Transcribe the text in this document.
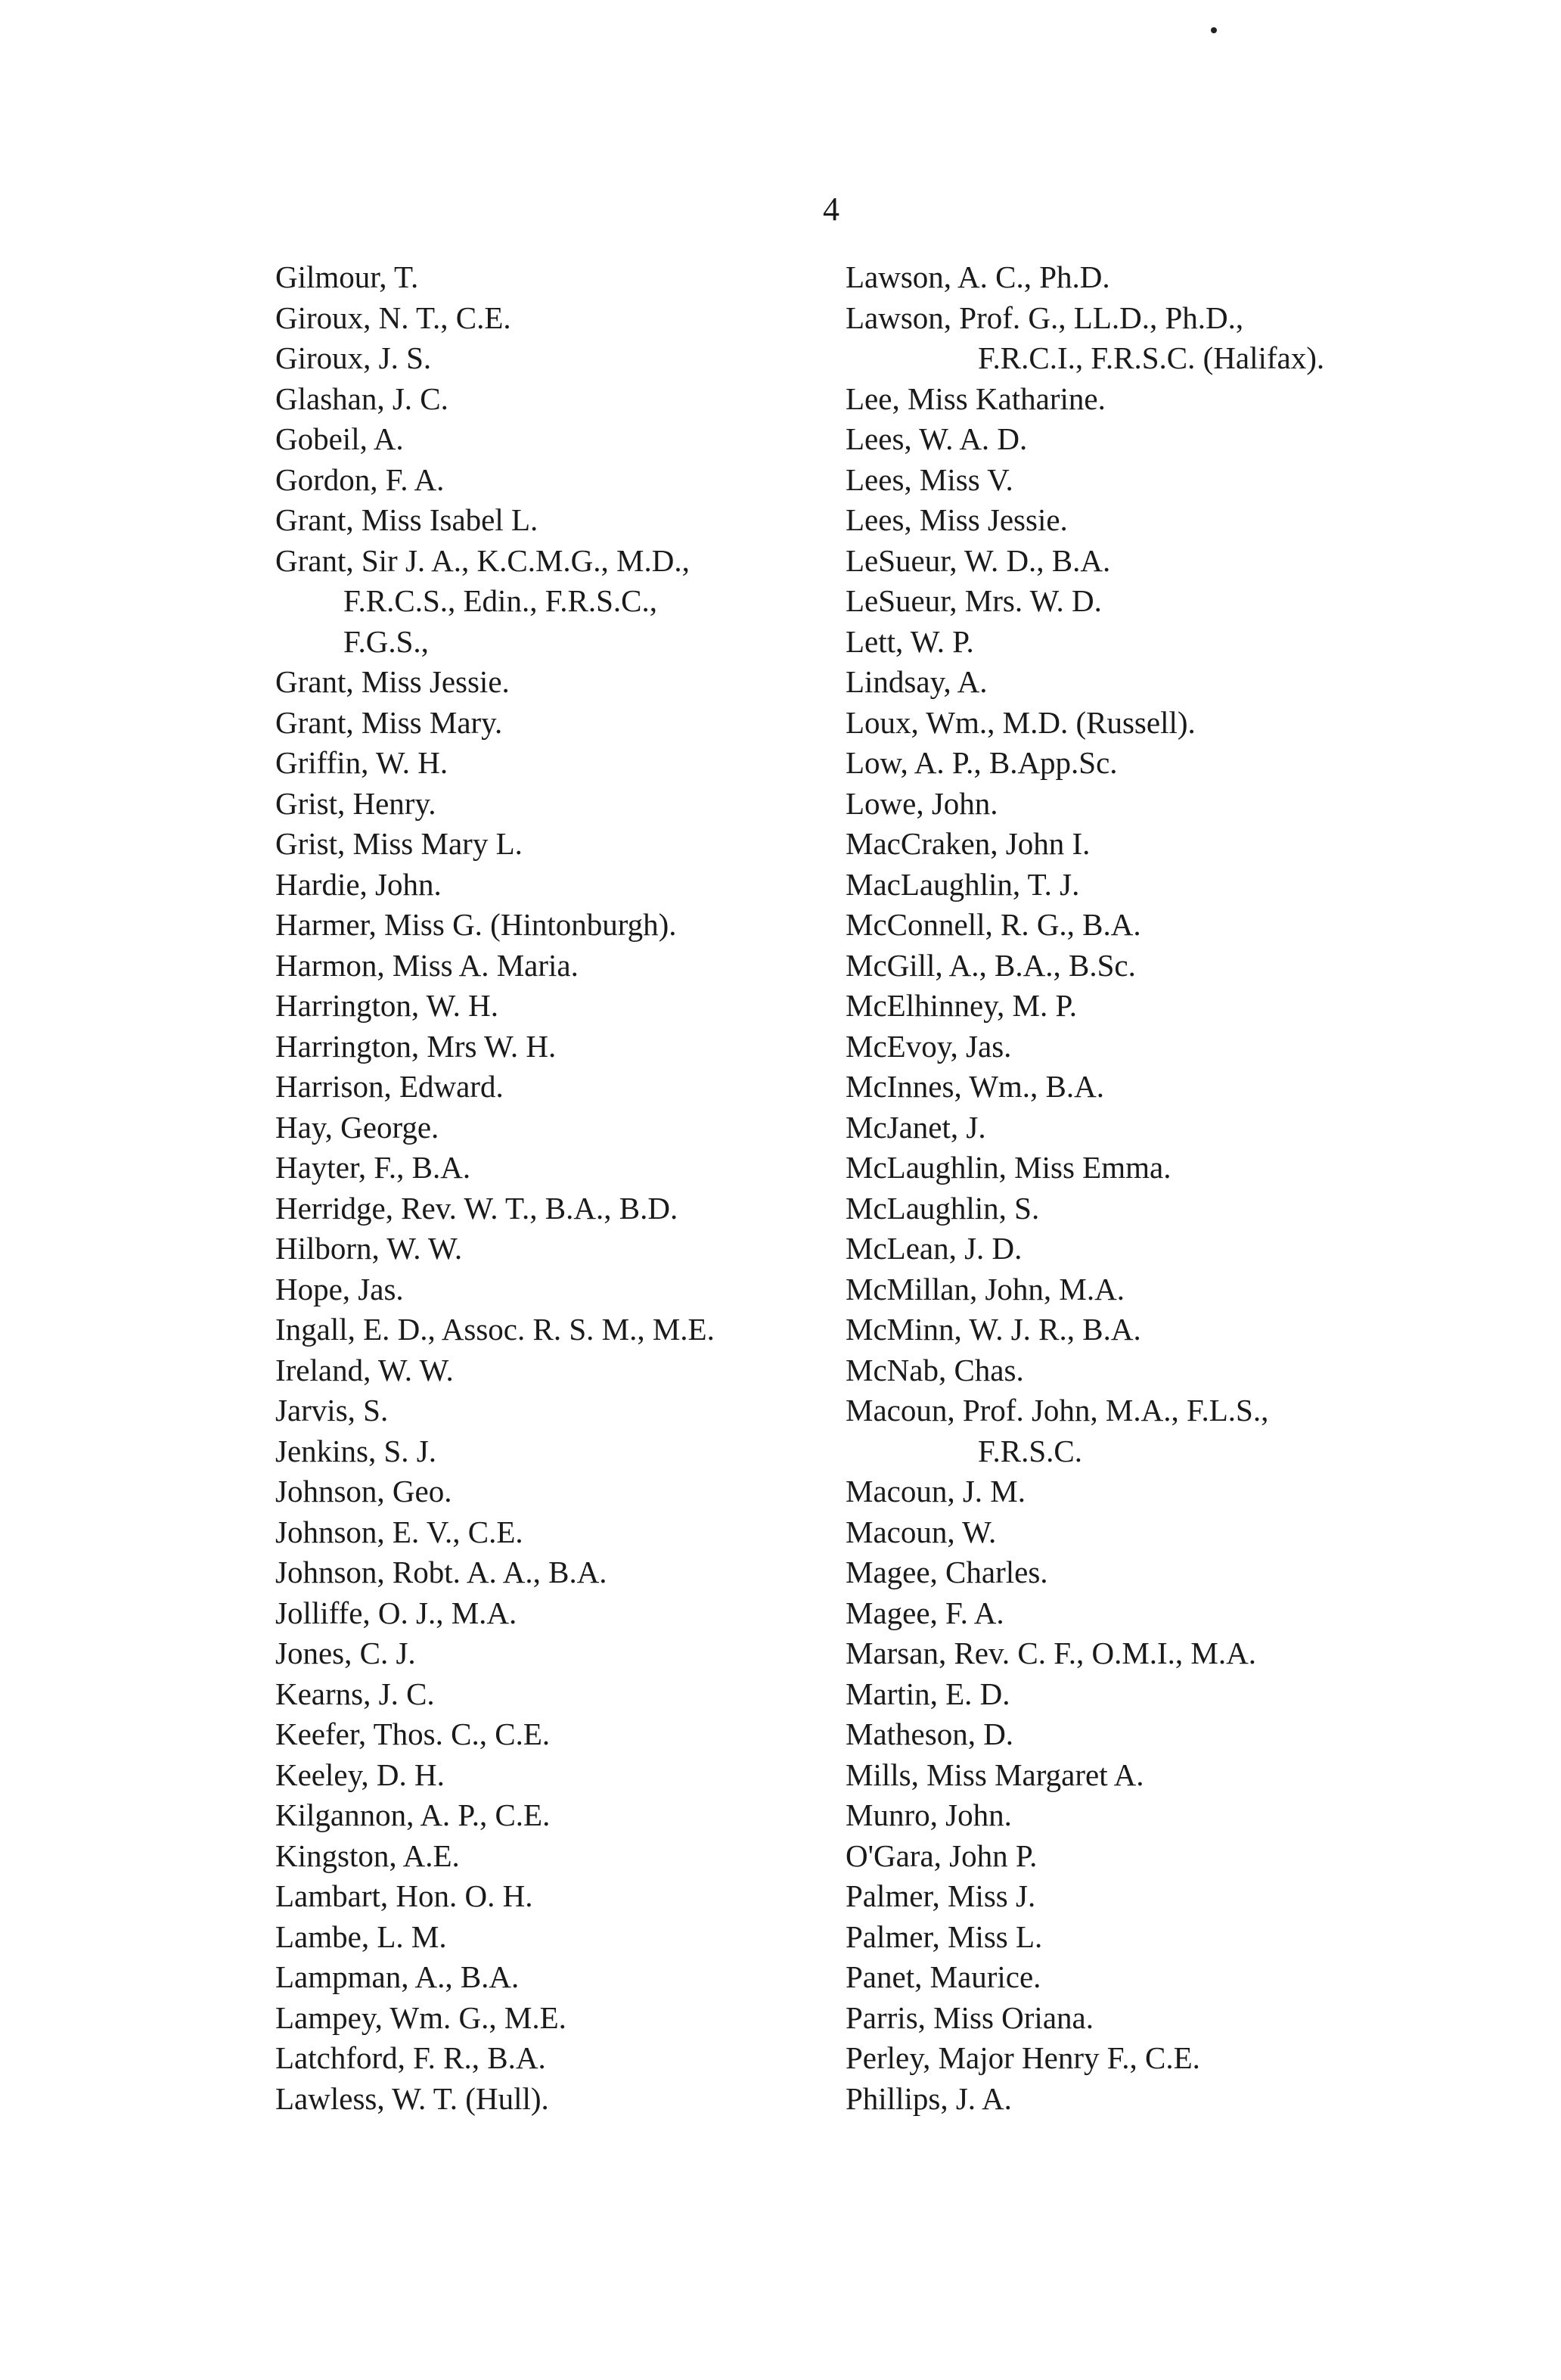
4
Gilmour, T.
Giroux, N. T., C.E.
Giroux, J. S.
Glashan, J. C.
Gobeil, A.
Gordon, F. A.
Grant, Miss Isabel L.
Grant, Sir J. A., K.C.M.G., M.D.,
F.R.C.S., Edin., F.R.S.C.,
F.G.S.,
Grant, Miss Jessie.
Grant, Miss Mary.
Griffin, W. H.
Grist, Henry.
Grist, Miss Mary L.
Hardie, John.
Harmer, Miss G. (Hintonburgh).
Harmon, Miss A. Maria.
Harrington, W. H.
Harrington, Mrs W. H.
Harrison, Edward.
Hay, George.
Hayter, F., B.A.
Herridge, Rev. W. T., B.A., B.D.
Hilborn, W. W.
Hope, Jas.
Ingall, E. D., Assoc. R. S. M., M.E.
Ireland, W. W.
Jarvis, S.
Jenkins, S. J.
Johnson, Geo.
Johnson, E. V., C.E.
Johnson, Robt. A. A., B.A.
Jolliffe, O. J., M.A.
Jones, C. J.
Kearns, J. C.
Keefer, Thos. C., C.E.
Keeley, D. H.
Kilgannon, A. P., C.E.
Kingston, A.E.
Lambart, Hon. O. H.
Lambe, L. M.
Lampman, A., B.A.
Lampey, Wm. G., M.E.
Latchford, F. R., B.A.
Lawless, W. T. (Hull).
Lawson, A. C., Ph.D.
Lawson, Prof. G., LL.D., Ph.D.,
F.R.C.I., F.R.S.C. (Halifax).
Lee, Miss Katharine.
Lees, W. A. D.
Lees, Miss V.
Lees, Miss Jessie.
LeSueur, W. D., B.A.
LeSueur, Mrs. W. D.
Lett, W. P.
Lindsay, A.
Loux, Wm., M.D. (Russell).
Low, A. P., B.App.Sc.
Lowe, John.
MacCraken, John I.
MacLaughlin, T. J.
McConnell, R. G., B.A.
McGill, A., B.A., B.Sc.
McElhinney, M. P.
McEvoy, Jas.
McInnes, Wm., B.A.
McJanet, J.
McLaughlin, Miss Emma.
McLaughlin, S.
McLean, J. D.
McMillan, John, M.A.
McMinn, W. J. R., B.A.
McNab, Chas.
Macoun, Prof. John, M.A., F.L.S.,
F.R.S.C.
Macoun, J. M.
Macoun, W.
Magee, Charles.
Magee, F. A.
Marsan, Rev. C. F., O.M.I., M.A.
Martin, E. D.
Matheson, D.
Mills, Miss Margaret A.
Munro, John.
O'Gara, John P.
Palmer, Miss J.
Palmer, Miss L.
Panet, Maurice.
Parris, Miss Oriana.
Perley, Major Henry F., C.E.
Phillips, J. A.
